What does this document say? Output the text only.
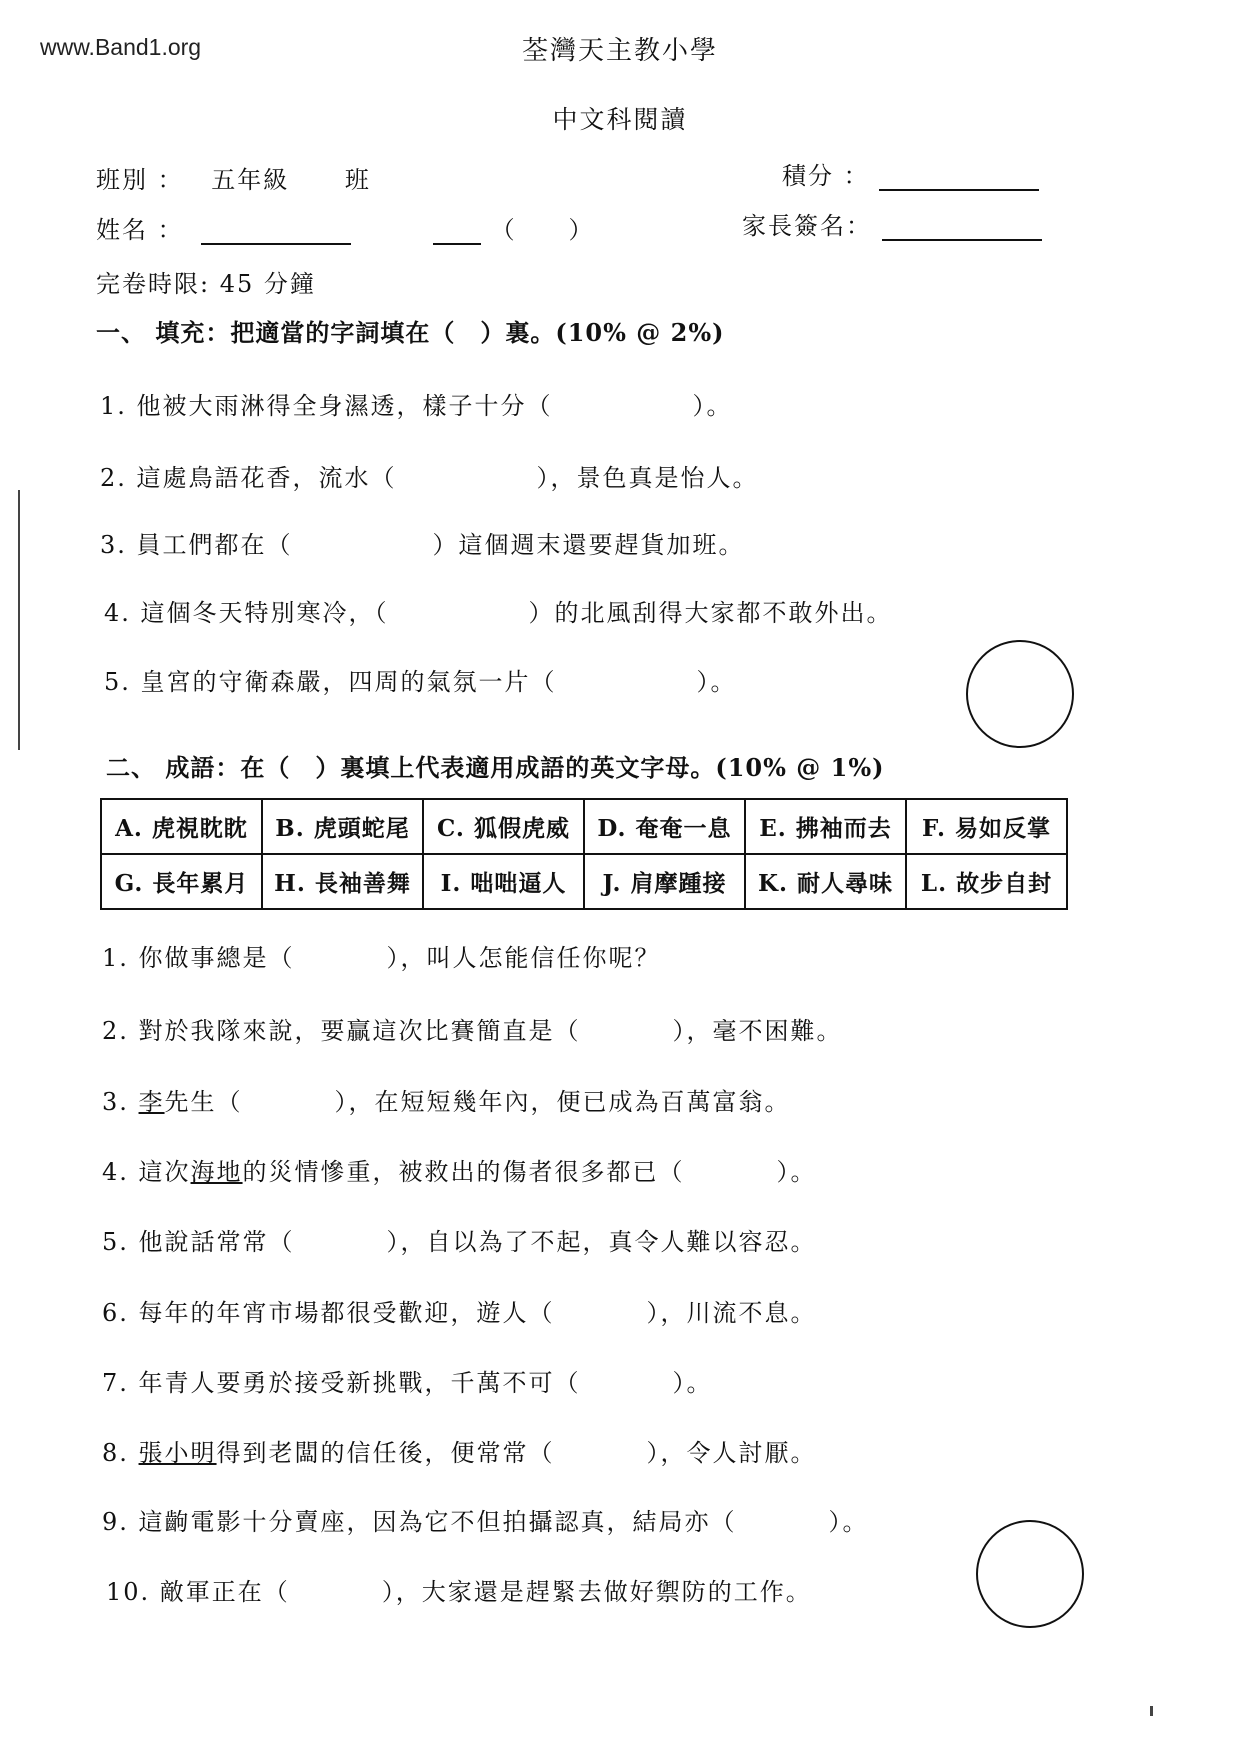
www.Band1.org	荃灣天主教小學
中文科閱讀
班別 ： 五年級 班	積分 ：
姓名 ：	（　　）	家長簽名：
完卷時限: 45 分鐘
一、 填充：把適當的字詞填在（　）裏。(10% @ 2%)
1. 他被大雨淋得全身濕透，樣子十分（	）。
2. 這處鳥語花香，流水（	），景色真是怡人。
3. 員工們都在（	）這個週末還要趕貨加班。
4. 這個冬天特別寒冷，（	）的北風刮得大家都不敢外出。
5. 皇宮的守衛森嚴，四周的氣氛一片（	）。
二、 成語：在（　）裏填上代表適用成語的英文字母。(10% @ 1%)
A. 虎視眈眈	B. 虎頭蛇尾	C. 狐假虎威	D. 奄奄一息	E. 拂袖而去	F. 易如反掌
G. 長年累月	H. 長袖善舞	I. 咄咄逼人	J. 肩摩踵接	K. 耐人尋味	L. 故步自封
1. 你做事總是（	），叫人怎能信任你呢？
2. 對於我隊來說，要贏這次比賽簡直是（	），毫不困難。
3. 李先生（	），在短短幾年內，便已成為百萬富翁。
4. 這次海地的災情慘重，被救出的傷者很多都已（	）。
5. 他說話常常（	），自以為了不起，真令人難以容忍。
6. 每年的年宵市場都很受歡迎，遊人（	），川流不息。
7. 年青人要勇於接受新挑戰，千萬不可（	）。
8. 張小明得到老闆的信任後，便常常（	），令人討厭。
9. 這齣電影十分賣座，因為它不但拍攝認真，結局亦（	）。
10. 敵軍正在（	），大家還是趕緊去做好禦防的工作。
